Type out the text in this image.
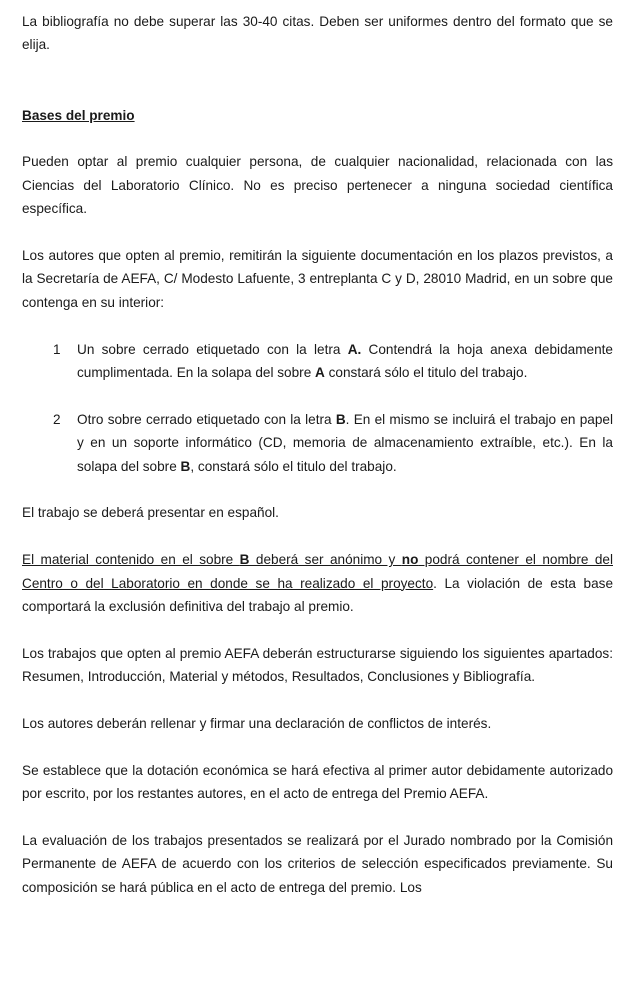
La bibliografía no debe superar las 30-40 citas. Deben ser uniformes dentro del formato que se elija.

Bases del premio

Pueden optar al premio cualquier persona, de cualquier nacionalidad, relacionada con las Ciencias del Laboratorio Clínico. No es preciso pertenecer a ninguna sociedad científica específica.

Los autores que opten al premio, remitirán la siguiente documentación en los plazos previstos, a la Secretaría de AEFA, C/ Modesto Lafuente, 3 entreplanta C y D, 28010 Madrid, en un sobre que contenga en su interior:

1 Un sobre cerrado etiquetado con la letra A. Contendrá la hoja anexa debidamente cumplimentada. En la solapa del sobre A constará sólo el titulo del trabajo.

2 Otro sobre cerrado etiquetado con la letra B. En el mismo se incluirá el trabajo en papel y en un soporte informático (CD, memoria de almacenamiento extraíble, etc.). En la solapa del sobre B, constará sólo el titulo del trabajo.

El trabajo se deberá presentar en español.

El material contenido en el sobre B deberá ser anónimo y no podrá contener el nombre del Centro o del Laboratorio en donde se ha realizado el proyecto. La violación de esta base comportará la exclusión definitiva del trabajo al premio.

Los trabajos que opten al premio AEFA deberán estructurarse siguiendo los siguientes apartados: Resumen, Introducción, Material y métodos, Resultados, Conclusiones y Bibliografía.

Los autores deberán rellenar y firmar una declaración de conflictos de interés.

Se establece que la dotación económica se hará efectiva al primer autor debidamente autorizado por escrito, por los restantes autores, en el acto de entrega del Premio AEFA.

La evaluación de los trabajos presentados se realizará por el Jurado nombrado por la Comisión Permanente de AEFA de acuerdo con los criterios de selección especificados previamente. Su composición se hará pública en el acto de entrega del premio. Los
